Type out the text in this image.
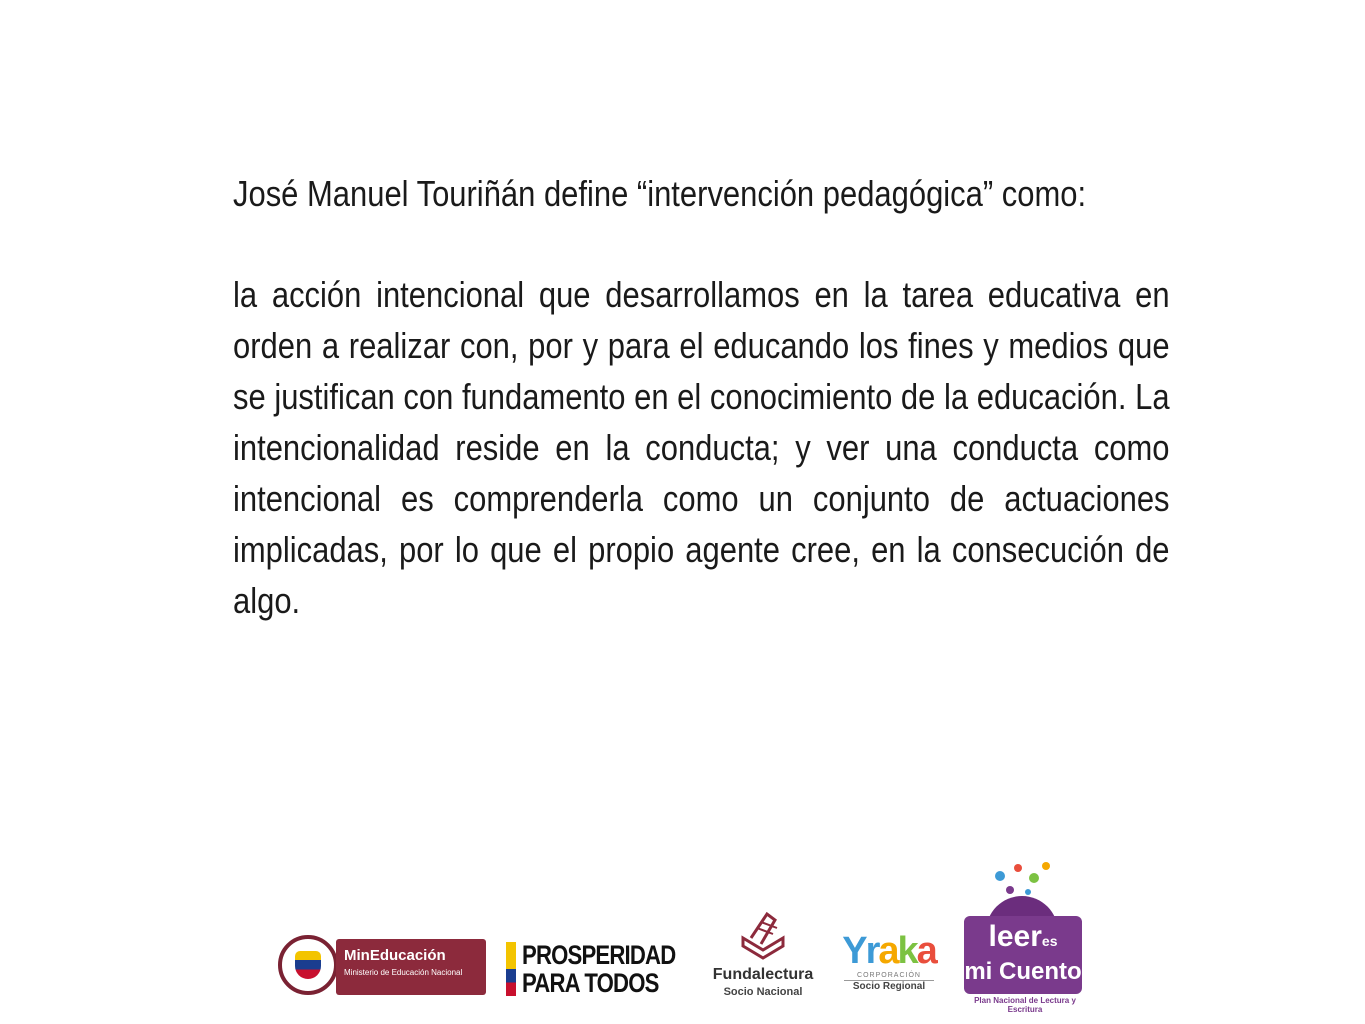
José Manuel Touriñán define “intervención pedagógica” como:

la acción intencional que desarrollamos en la tarea educativa en orden a realizar con, por y para el educando los fines y medios que se justifican con fundamento en el conocimiento de la educación. La intencionalidad reside en la conducta; y ver una conducta como intencional es comprenderla como un conjunto de actuaciones implicadas, por lo que el propio agente cree, en la consecución de algo.

MinEducación
Ministerio de Educación Nacional
PROSPERIDAD
PARA TODOS	Fundalectura
Socio Nacional
Yraka
CORPORACIÓN
Socio Regional
leeres
mi Cuento
Plan Nacional de Lectura y Escritura
